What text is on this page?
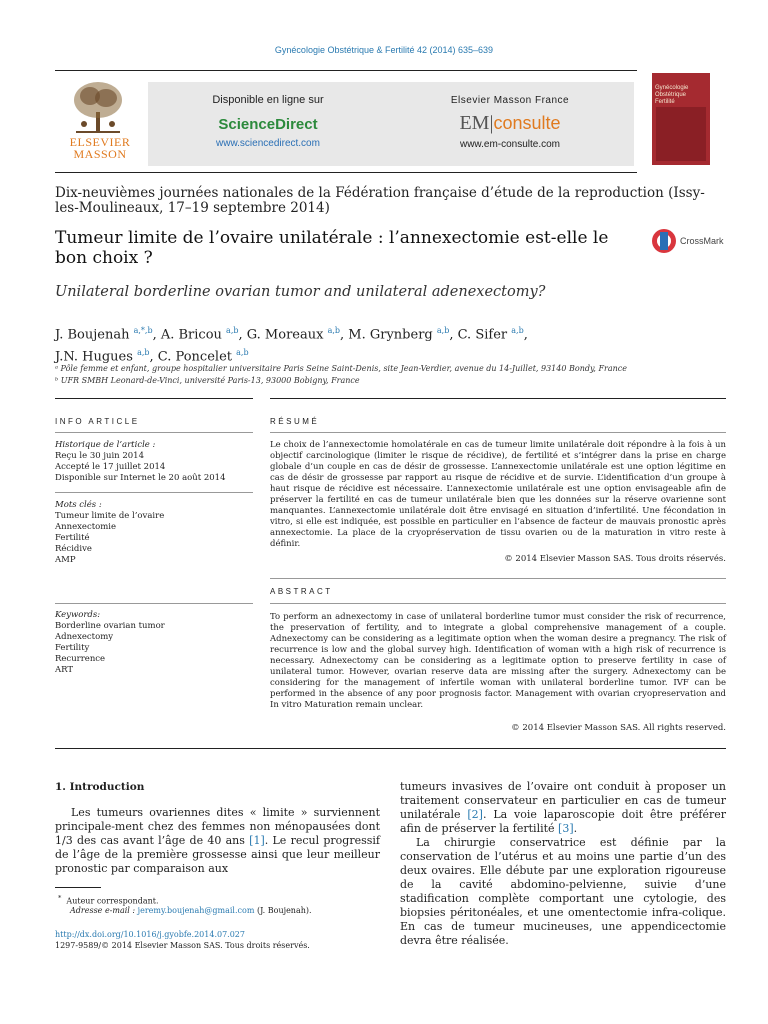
Gynécologie Obstétrique & Fertilité 42 (2014) 635–639
ELSEVIER
MASSON
Disponible en ligne sur
ScienceDirect
www.sciencedirect.com
Elsevier Masson France
EM|consulte
www.em-consulte.com
Gynécologie Obstétrique Fertilité
Dix-neuvièmes journées nationales de la Fédération française d’étude de la reproduction (Issy-les-Moulineaux, 17–19 septembre 2014)
Tumeur limite de l’ovaire unilatérale : l’annexectomie est-elle le bon choix ?
CrossMark
Unilateral borderline ovarian tumor and unilateral adenexectomy?
J. Boujenah $^{a,*,b}$, A. Bricou $^{a,b}$, G. Moreaux $^{a,b}$, M. Grynberg $^{a,b}$, C. Sifer $^{a,b}$,
J.N. Hugues $^{a,b}$, C. Poncelet $^{a,b}$
ᵃ Pôle femme et enfant, groupe hospitalier universitaire Paris Seine Saint-Denis, site Jean-Verdier, avenue du 14-Juillet, 93140 Bondy, France
ᵇ UFR SMBH Leonard-de-Vinci, université Paris-13, 93000 Bobigny, France
INFO ARTICLE	RÉSUMÉ
Historique de l’article :
Reçu le 30 juin 2014
Accepté le 17 juillet 2014
Disponible sur Internet le 20 août 2014
Mots clés :
Tumeur limite de l’ovaire
Annexectomie
Fertilité
Récidive
AMP
Le choix de l’annexectomie homolatérale en cas de tumeur limite unilatérale doit répondre à la fois à un objectif carcinologique (limiter le risque de récidive), de fertilité et s’intégrer dans la prise en charge globale d’un couple en cas de désir de grossesse. L’annexectomie unilatérale est une option légitime en cas de désir de grossesse par rapport au risque de récidive et de survie. L’identification d’un groupe à haut risque de récidive est nécessaire. L’annexectomie unilatérale est une option envisageable afin de préserver la fertilité en cas de tumeur unilatérale bien que les données sur la réserve ovarienne sont manquantes. L’annexectomie unilatérale doit être envisagé en situation d’infertilité. Une fécondation in vitro, si elle est indiquée, est possible en particulier en l’absence de facteur de mauvais pronostic après annexectomie. La place de la cryopréservation de tissu ovarien ou de la maturation in vitro reste à définir.
© 2014 Elsevier Masson SAS. Tous droits réservés.
ABSTRACT
Keywords:
Borderline ovarian tumor
Adnexectomy
Fertility
Recurrence
ART
To perform an adnexectomy in case of unilateral borderline tumor must consider the risk of recurrence, the preservation of fertility, and to integrate a global comprehensive management of a couple. Adnexectomy can be considering as a legitimate option when the woman desire a pregnancy. The risk of recurrence is low and the global survey high. Identification of woman with a high risk of recurrence is necessary. Adnexectomy can be considering as a legitimate option to preserve fertility in case of unilateral tumor. However, ovarian reserve data are missing after the surgery. Adnexectomy can be considering for the management of infertile woman with unilateral borderline tumor. IVF can be performed in the absence of any poor prognosis factor. Management with ovarian cryopreservation and In vitro Maturation remain unclear.
© 2014 Elsevier Masson SAS. All rights reserved.
1. Introduction
Les tumeurs ovariennes dites « limite » surviennent principale-ment chez des femmes non ménopausées dont 1/3 des cas avant l’âge de 40 ans [1]. Le recul progressif de l’âge de la première grossesse ainsi que leur meilleur pronostic par comparaison aux
tumeurs invasives de l’ovaire ont conduit à proposer un traitement conservateur en particulier en cas de tumeur unilatérale [2]. La voie laparoscopie doit être préférer afin de préserver la fertilité [3].
La chirurgie conservatrice est définie par la conservation de l’utérus et au moins une partie d’un des deux ovaires. Elle débute par une exploration rigoureuse de la cavité abdomino-pelvienne, suivie d’une stadification complète comportant une cytologie, des biopsies péritonéales, et une omentectomie infra-colique. En cas de tumeur mucineuses, une appendicectomie devra être réalisée.
* Auteur correspondant.
Adresse e-mail : jeremy.boujenah@gmail.com (J. Boujenah).
http://dx.doi.org/10.1016/j.gyobfe.2014.07.027
1297-9589/© 2014 Elsevier Masson SAS. Tous droits réservés.
